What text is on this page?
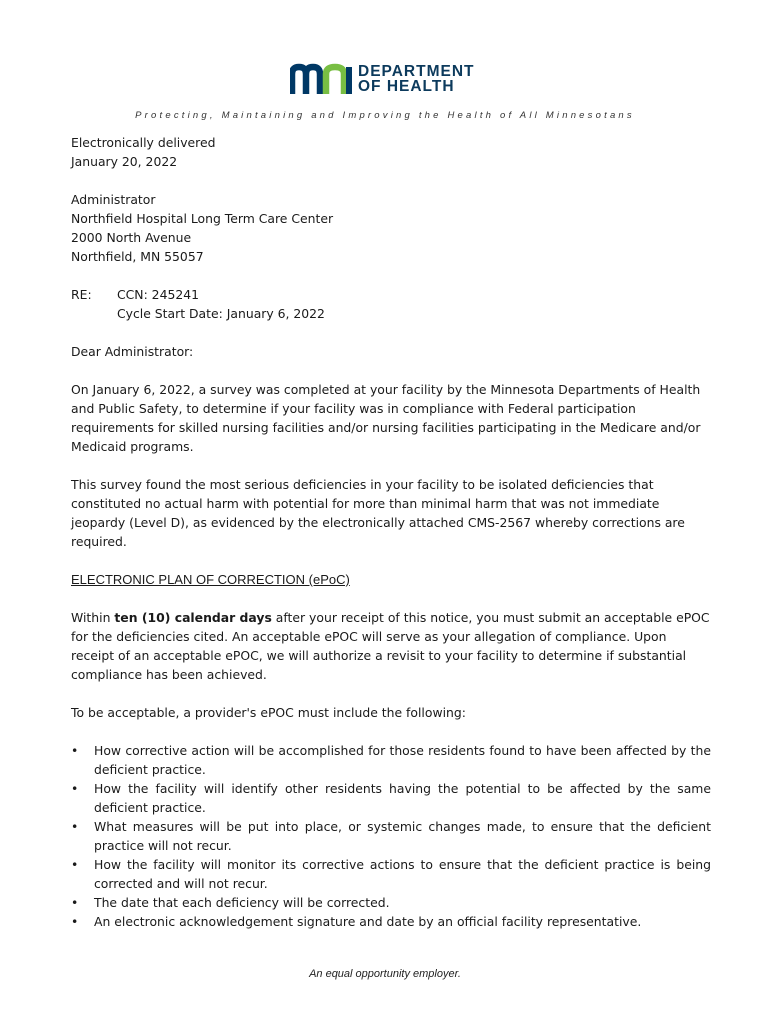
DEPARTMENT
OF HEALTH
Protecting, Maintaining and Improving the Health of All Minnesotans

Electronically delivered

January 20, 2022

Administrator

Northfield Hospital Long Term Care Center

2000 North Avenue

Northfield, MN 55057

RE:	CCN: 245241

Cycle Start Date: January 6, 2022

Dear Administrator:

On January 6, 2022, a survey was completed at your facility by the Minnesota Departments of Health and Public Safety, to determine if your facility was in compliance with Federal participation requirements for skilled nursing facilities and/or nursing facilities participating in the Medicare and/or Medicaid programs.

This survey found the most serious deficiencies in your facility to be isolated deficiencies that constituted no actual harm with potential for more than minimal harm that was not immediate jeopardy (Level D), as evidenced by the electronically attached CMS-2567 whereby corrections are required.

ELECTRONIC PLAN OF CORRECTION (ePoC)

Within ten (10) calendar days after your receipt of this notice, you must submit an acceptable ePOC for the deficiencies cited. An acceptable ePOC will serve as your allegation of compliance. Upon receipt of an acceptable ePOC, we will authorize a revisit to your facility to determine if substantial compliance has been achieved.

To be acceptable, a provider's ePOC must include the following:

• How corrective action will be accomplished for those residents found to have been affected by the deficient practice.
• How the facility will identify other residents having the potential to be affected by the same deficient practice.
• What measures will be put into place, or systemic changes made, to ensure that the deficient practice will not recur.
• How the facility will monitor its corrective actions to ensure that the deficient practice is being corrected and will not recur.
• The date that each deficiency will be corrected.
• An electronic acknowledgement signature and date by an official facility representative.
An equal opportunity employer.
